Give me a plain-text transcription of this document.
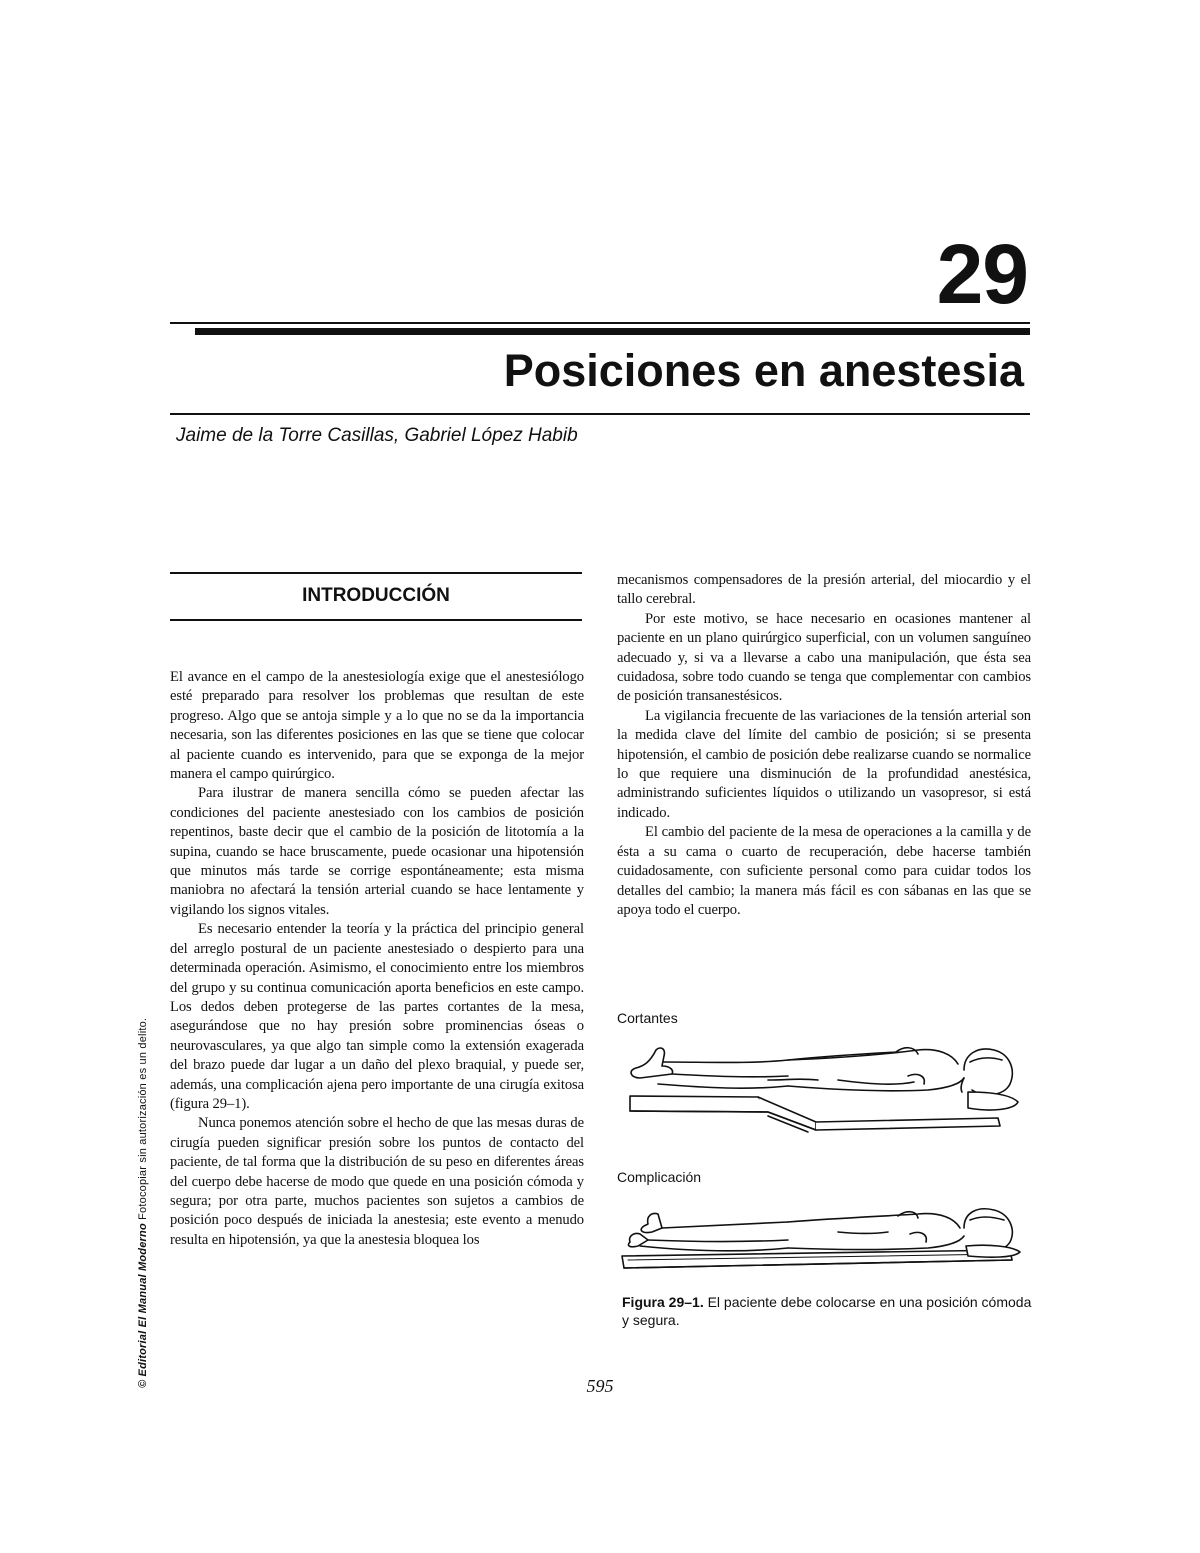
29
Posiciones en anestesia
Jaime de la Torre Casillas, Gabriel López Habib
INTRODUCCIÓN

El avance en el campo de la anestesiología exige que el anestesiólogo esté preparado para resolver los problemas que resultan de este progreso. Algo que se antoja simple y a lo que no se da la importancia necesaria, son las diferentes posiciones en las que se tiene que colocar al paciente cuando es intervenido, para que se exponga de la mejor manera el campo quirúrgico.

Para ilustrar de manera sencilla cómo se pueden afectar las condiciones del paciente anestesiado con los cambios de posición repentinos, baste decir que el cambio de la posición de litotomía a la supina, cuando se hace bruscamente, puede ocasionar una hipotensión que minutos más tarde se corrige espontáneamente; esta misma maniobra no afectará la tensión arterial cuando se hace lentamente y vigilando los signos vitales.

Es necesario entender la teoría y la práctica del principio general del arreglo postural de un paciente anestesiado o despierto para una determinada operación. Asimismo, el conocimiento entre los miembros del grupo y su continua comunicación aporta beneficios en este campo. Los dedos deben protegerse de las partes cortantes de la mesa, asegurándose que no hay presión sobre prominencias óseas o neurovasculares, ya que algo tan simple como la extensión exagerada del brazo puede dar lugar a un daño del plexo braquial, y puede ser, además, una complicación ajena pero importante de una cirugía exitosa (figura 29–1).

Nunca ponemos atención sobre el hecho de que las mesas duras de cirugía pueden significar presión sobre los puntos de contacto del paciente, de tal forma que la distribución de su peso en diferentes áreas del cuerpo debe hacerse de modo que quede en una posición cómoda y segura; por otra parte, muchos pacientes son sujetos a cambios de posición poco después de iniciada la anestesia; este evento a menudo resulta en hipotensión, ya que la anestesia bloquea los

mecanismos compensadores de la presión arterial, del miocardio y el tallo cerebral.

Por este motivo, se hace necesario en ocasiones mantener al paciente en un plano quirúrgico superficial, con un volumen sanguíneo adecuado y, si va a llevarse a cabo una manipulación, que ésta sea cuidadosa, sobre todo cuando se tenga que complementar con cambios de posición transanestésicos.

La vigilancia frecuente de las variaciones de la tensión arterial son la medida clave del límite del cambio de posición; si se presenta hipotensión, el cambio de posición debe realizarse cuando se normalice lo que requiere una disminución de la profundidad anestésica, administrando suficientes líquidos o utilizando un vasopresor, si está indicado.

El cambio del paciente de la mesa de operaciones a la camilla y de ésta a su cama o cuarto de recuperación, debe hacerse también cuidadosamente, con suficiente personal como para cuidar todos los detalles del cambio; la manera más fácil es con sábanas en las que se apoya todo el cuerpo.

Cortantes
Complicación
Figura 29–1. El paciente debe colocarse en una posición cómoda y segura.
595
© Editorial El Manual Moderno Fotocopiar sin autorización es un delito.
